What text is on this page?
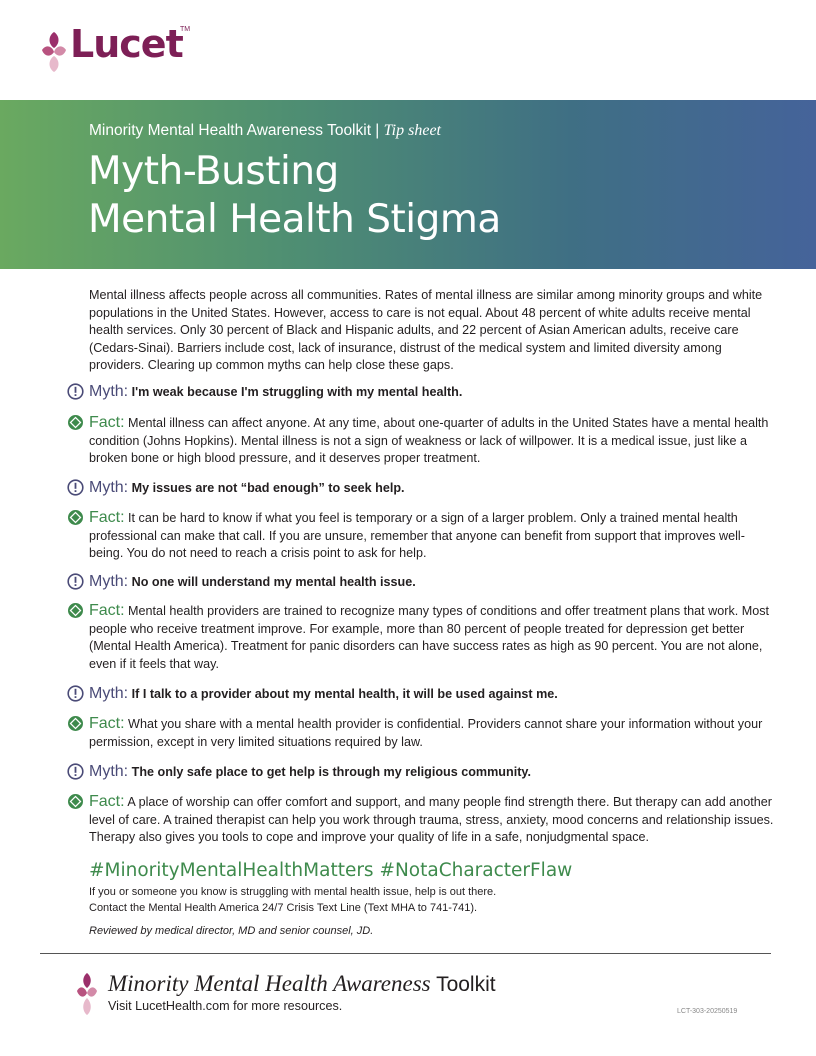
Lucet
TM
Minority Mental Health Awareness Toolkit | Tip sheet
Myth-Busting
Mental Health Stigma

Mental illness affects people across all communities. Rates of mental illness are similar among minority groups and white populations in the United States. However, access to care is not equal. About 48 percent of white adults receive mental health services. Only 30 percent of Black and Hispanic adults, and 22 percent of Asian American adults, receive care (Cedars-Sinai). Barriers include cost, lack of insurance, distrust of the medical system and limited diversity among providers. Clearing up common myths can help close these gaps.

Myth: I'm weak because I'm struggling with my mental health.
Fact: Mental illness can affect anyone. At any time, about one-quarter of adults in the United States have a mental health condition (Johns Hopkins). Mental illness is not a sign of weakness or lack of willpower. It is a medical issue, just like a broken bone or high blood pressure, and it deserves proper treatment.
Myth: My issues are not “bad enough” to seek help.
Fact: It can be hard to know if what you feel is temporary or a sign of a larger problem. Only a trained mental health professional can make that call. If you are unsure, remember that anyone can benefit from support that improves well-being. You do not need to reach a crisis point to ask for help.
Myth: No one will understand my mental health issue.
Fact: Mental health providers are trained to recognize many types of conditions and offer treatment plans that work. Most people who receive treatment improve. For example, more than 80 percent of people treated for depression get better (Mental Health America). Treatment for panic disorders can have success rates as high as 90 percent. You are not alone, even if it feels that way.
Myth: If I talk to a provider about my mental health, it will be used against me.
Fact: What you share with a mental health provider is confidential. Providers cannot share your information without your permission, except in very limited situations required by law.
Myth: The only safe place to get help is through my religious community.
Fact: A place of worship can offer comfort and support, and many people find strength there. But therapy can add another level of care. A trained therapist can help you work through trauma, stress, anxiety, mood concerns and relationship issues. Therapy also gives you tools to cope and improve your quality of life in a safe, nonjudgmental space.
#MinorityMentalHealthMatters #NotaCharacterFlaw
If you or someone you know is struggling with mental health issue, help is out there.
Contact the Mental Health America 24/7 Crisis Text Line (Text MHA to 741-741).
Reviewed by medical director, MD and senior counsel, JD.
Minority Mental Health Awareness Toolkit
Visit LucetHealth.com for more resources.	LCT-303-20250519
